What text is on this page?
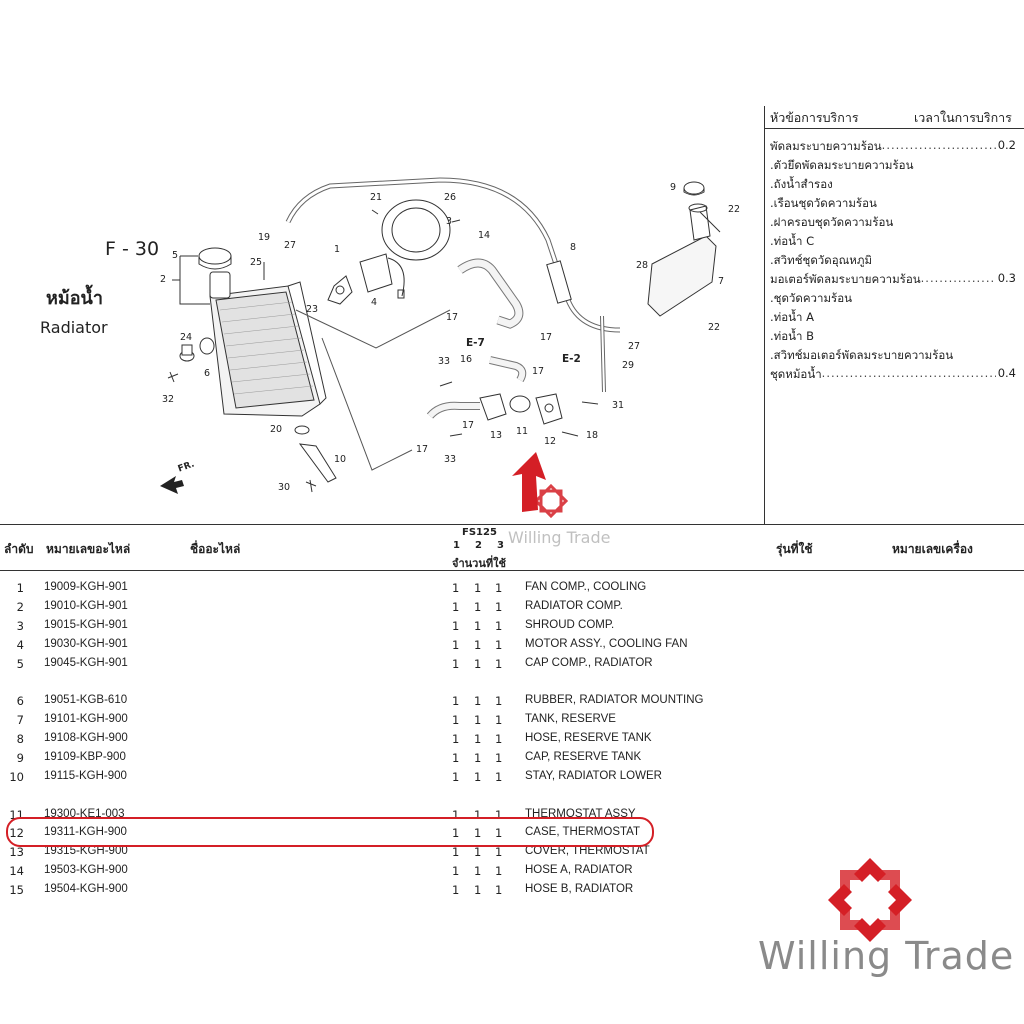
F - 30
หม้อน้ำ
Radiator
FR.
E-7
E-2
1
2
3
4
5
6
7
8
9
10
11
12
13
14
16
17
17
17
17
17
18
19
20
21
22
22
23
24
25
26
27
27
28
29
30
31
32
33
33
หัวข้อการบริการ	เวลาในการบริการ
พัดลมระบายความร้อน .....	0.2
.ตัวยึดพัดลมระบายความร้อน
.ถังน้ำสำรอง
.เรือนชุดวัดความร้อน
.ฝาครอบชุดวัดความร้อน
.ท่อน้ำ C
.สวิทช์ชุดวัดอุณหภูมิ
มอเตอร์พัดลมระบายความร้อน .....	0.3
.ชุดวัดความร้อน
.ท่อน้ำ A
.ท่อน้ำ B
.สวิทช์มอเตอร์พัดลมระบายความร้อน
ชุดหม้อน้ำ .....	0.4
ลำดับ หมายเลขอะไหล่	ชื่ออะไหล่
FS125
1 2 3
จำนวนที่ใช้
รุ่นที่ใช้	หมายเลขเครื่อง
Willing Trade
1 19009-KGH-901	1 1 1 FAN COMP., COOLING
2 19010-KGH-901	1 1 1 RADIATOR COMP.
3 19015-KGH-901	1 1 1 SHROUD COMP.
4 19030-KGH-901	1 1 1 MOTOR ASSY., COOLING FAN
5 19045-KGH-901	1 1 1 CAP COMP., RADIATOR
6 19051-KGB-610	1 1 1 RUBBER, RADIATOR MOUNTING
7 19101-KGH-900	1 1 1 TANK, RESERVE
8 19108-KGH-900	1 1 1 HOSE, RESERVE TANK
9 19109-KBP-900	1 1 1 CAP, RESERVE TANK
10 19115-KGH-900	1 1 1 STAY, RADIATOR LOWER
11 19300-KE1-003	1 1 1 THERMOSTAT ASSY
12 19311-KGH-900	1 1 1 CASE, THERMOSTAT
13 19315-KGH-900	1 1 1 COVER, THERMOSTAT
14 19503-KGH-900	1 1 1 HOSE A, RADIATOR
15 19504-KGH-900	1 1 1 HOSE B, RADIATOR
Willing Trade
